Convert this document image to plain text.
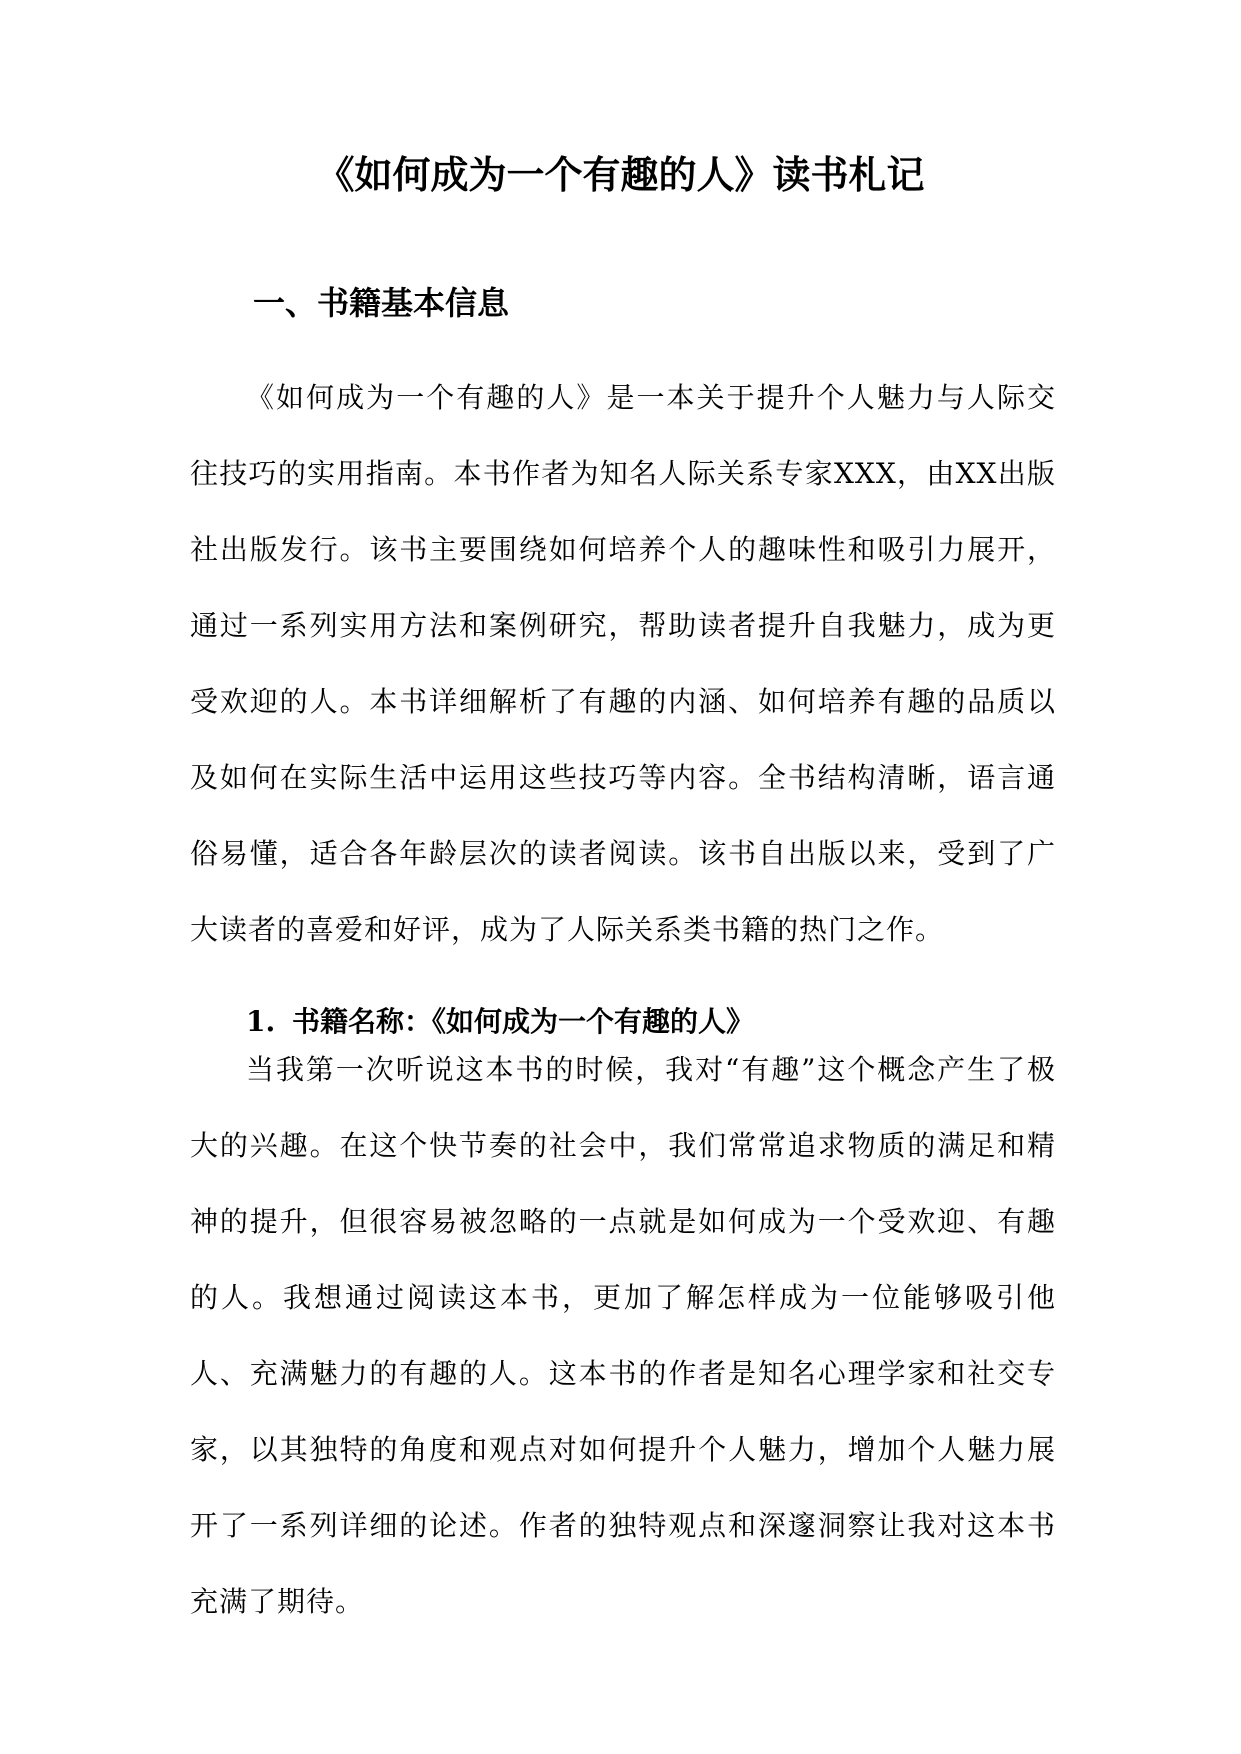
《如何成为一个有趣的人》读书札记
一、书籍基本信息

《如何成为一个有趣的人》是一本关于提升个人魅力与人际交往技巧的实用指南。本书作者为知名人际关系专家XXX，由XX出版社出版发行。该书主要围绕如何培养个人的趣味性和吸引力展开，通过一系列实用方法和案例研究，帮助读者提升自我魅力，成为更受欢迎的人。本书详细解析了有趣的内涵、如何培养有趣的品质以及如何在实际生活中运用这些技巧等内容。全书结构清晰，语言通俗易懂，适合各年龄层次的读者阅读。该书自出版以来，受到了广大读者的喜爱和好评，成为了人际关系类书籍的热门之作。

1. 书籍名称：《如何成为一个有趣的人》

当我第一次听说这本书的时候，我对“有趣”这个概念产生了极大的兴趣。在这个快节奏的社会中，我们常常追求物质的满足和精神的提升，但很容易被忽略的一点就是如何成为一个受欢迎、有趣的人。我想通过阅读这本书，更加了解怎样成为一位能够吸引他人、充满魅力的有趣的人。这本书的作者是知名心理学家和社交专家，以其独特的角度和观点对如何提升个人魅力，增加个人魅力展开了一系列详细的论述。作者的独特观点和深邃洞察让我对这本书充满了期待。
